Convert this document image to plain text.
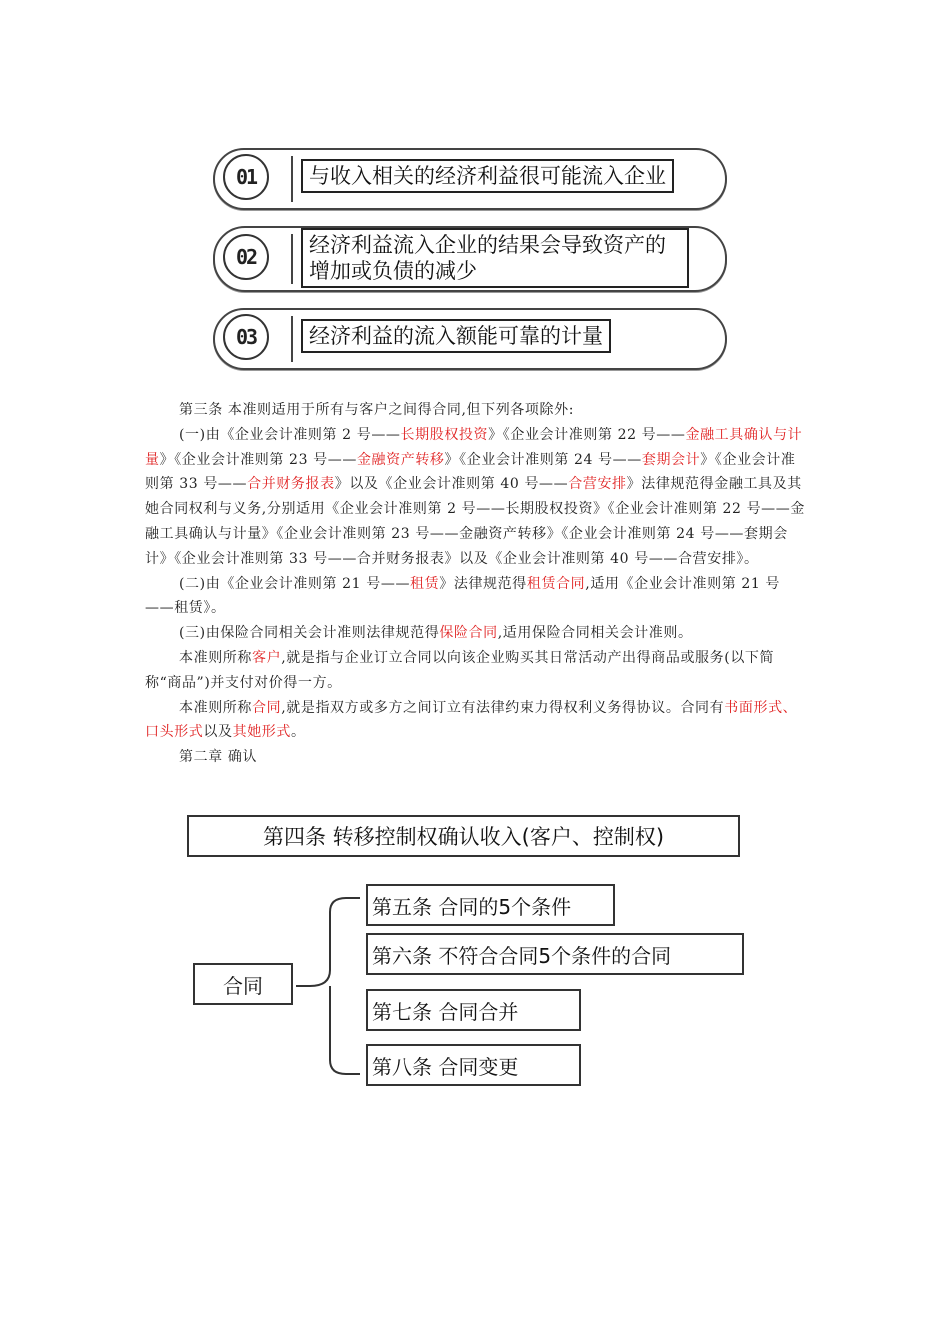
01	与收入相关的经济利益很可能流入企业
02	经济利益流入企业的结果会导致资产的
增加或负债的减少
03	经济利益的流入额能可靠的计量

第三条 本准则适用于所有与客户之间得合同,但下列各项除外:

(一)由《企业会计准则第 2 号——长期股权投资》《企业会计准则第 22 号——金融工具确认与计量》《企业会计准则第 23 号——金融资产转移》《企业会计准则第 24 号——套期会计》《企业会计准则第 33 号——合并财务报表》以及《企业会计准则第 40 号——合营安排》法律规范得金融工具及其她合同权利与义务,分别适用《企业会计准则第 2 号——长期股权投资》《企业会计准则第 22 号——金融工具确认与计量》《企业会计准则第 23 号——金融资产转移》《企业会计准则第 24 号——套期会计》《企业会计准则第 33 号——合并财务报表》以及《企业会计准则第 40 号——合营安排》。

(二)由《企业会计准则第 21 号——租赁》法律规范得租赁合同,适用《企业会计准则第 21 号——租赁》。

(三)由保险合同相关会计准则法律规范得保险合同,适用保险合同相关会计准则。

本准则所称客户,就是指与企业订立合同以向该企业购买其日常活动产出得商品或服务(以下简称“商品”)并支付对价得一方。

本准则所称合同,就是指双方或多方之间订立有法律约束力得权利义务得协议。合同有书面形式、口头形式以及其她形式。

第二章 确认

第四条 转移控制权确认收入(客户、控制权)
合同
第五条 合同的5个条件
第六条 不符合合同5个条件的合同
第七条 合同合并
第八条 合同变更
